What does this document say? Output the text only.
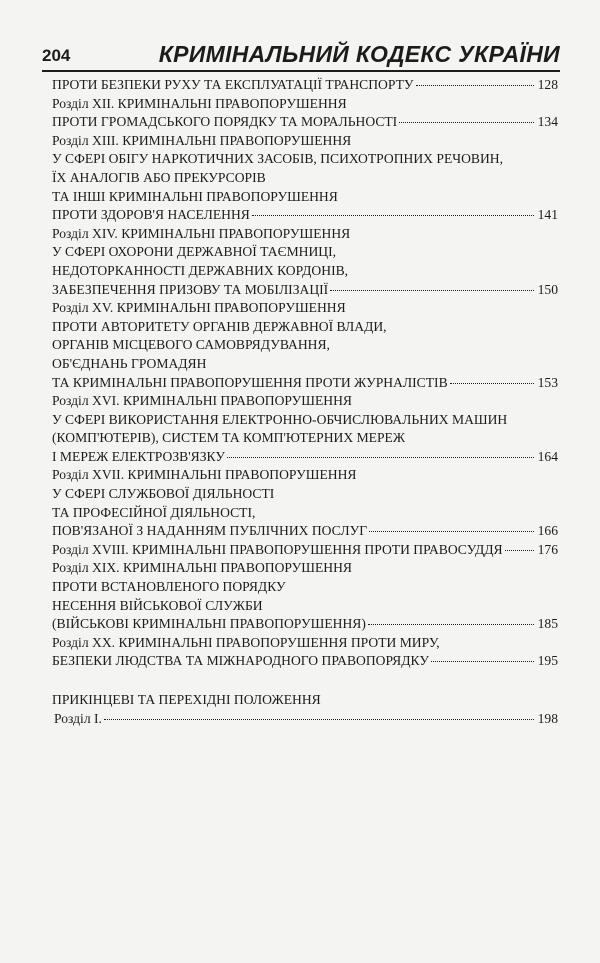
204	КРИМІНАЛЬНИЙ КОДЕКС УКРАЇНИ
ПРОТИ БЕЗПЕКИ РУХУ ТА ЕКСПЛУАТАЦІЇ ТРАНСПОРТУ	128
Розділ XII. КРИМІНАЛЬНІ ПРАВОПОРУШЕННЯ
ПРОТИ ГРОМАДСЬКОГО ПОРЯДКУ ТА МОРАЛЬНОСТІ	134
Розділ XIII. КРИМІНАЛЬНІ ПРАВОПОРУШЕННЯ
У СФЕРІ ОБІГУ НАРКОТИЧНИХ ЗАСОБІВ, ПСИХОТРОПНИХ РЕЧОВИН,
ЇХ АНАЛОГІВ АБО ПРЕКУРСОРІВ
ТА ІНШІ КРИМІНАЛЬНІ ПРАВОПОРУШЕННЯ
ПРОТИ ЗДОРОВ'Я НАСЕЛЕННЯ	141
Розділ XIV. КРИМІНАЛЬНІ ПРАВОПОРУШЕННЯ
У СФЕРІ ОХОРОНИ ДЕРЖАВНОЇ ТАЄМНИЦІ,
НЕДОТОРКАННОСТІ ДЕРЖАВНИХ КОРДОНІВ,
ЗАБЕЗПЕЧЕННЯ ПРИЗОВУ ТА МОБІЛІЗАЦІЇ	150
Розділ XV. КРИМІНАЛЬНІ ПРАВОПОРУШЕННЯ
ПРОТИ АВТОРИТЕТУ ОРГАНІВ ДЕРЖАВНОЇ ВЛАДИ,
ОРГАНІВ МІСЦЕВОГО САМОВРЯДУВАННЯ,
ОБ'ЄДНАНЬ ГРОМАДЯН
ТА КРИМІНАЛЬНІ ПРАВОПОРУШЕННЯ ПРОТИ ЖУРНАЛІСТІВ	153
Розділ XVI. КРИМІНАЛЬНІ ПРАВОПОРУШЕННЯ
У СФЕРІ ВИКОРИСТАННЯ ЕЛЕКТРОННО-ОБЧИСЛЮВАЛЬНИХ МАШИН
(КОМП'ЮТЕРІВ), СИСТЕМ ТА КОМП'ЮТЕРНИХ МЕРЕЖ
І МЕРЕЖ ЕЛЕКТРОЗВ'ЯЗКУ	164
Розділ XVII. КРИМІНАЛЬНІ ПРАВОПОРУШЕННЯ
У СФЕРІ СЛУЖБОВОЇ ДІЯЛЬНОСТІ
ТА ПРОФЕСІЙНОЇ ДІЯЛЬНОСТІ,
ПОВ'ЯЗАНОЇ З НАДАННЯМ ПУБЛІЧНИХ ПОСЛУГ	166
Розділ XVIII. КРИМІНАЛЬНІ ПРАВОПОРУШЕННЯ ПРОТИ ПРАВОСУДДЯ	176
Розділ XIX. КРИМІНАЛЬНІ ПРАВОПОРУШЕННЯ
ПРОТИ ВСТАНОВЛЕНОГО ПОРЯДКУ
НЕСЕННЯ ВІЙСЬКОВОЇ СЛУЖБИ
(ВІЙСЬКОВІ КРИМІНАЛЬНІ ПРАВОПОРУШЕННЯ)	185
Розділ XX. КРИМІНАЛЬНІ ПРАВОПОРУШЕННЯ ПРОТИ МИРУ,
БЕЗПЕКИ ЛЮДСТВА ТА МІЖНАРОДНОГО ПРАВОПОРЯДКУ	195
ПРИКІНЦЕВІ ТА ПЕРЕХІДНІ ПОЛОЖЕННЯ
Розділ І.	198
